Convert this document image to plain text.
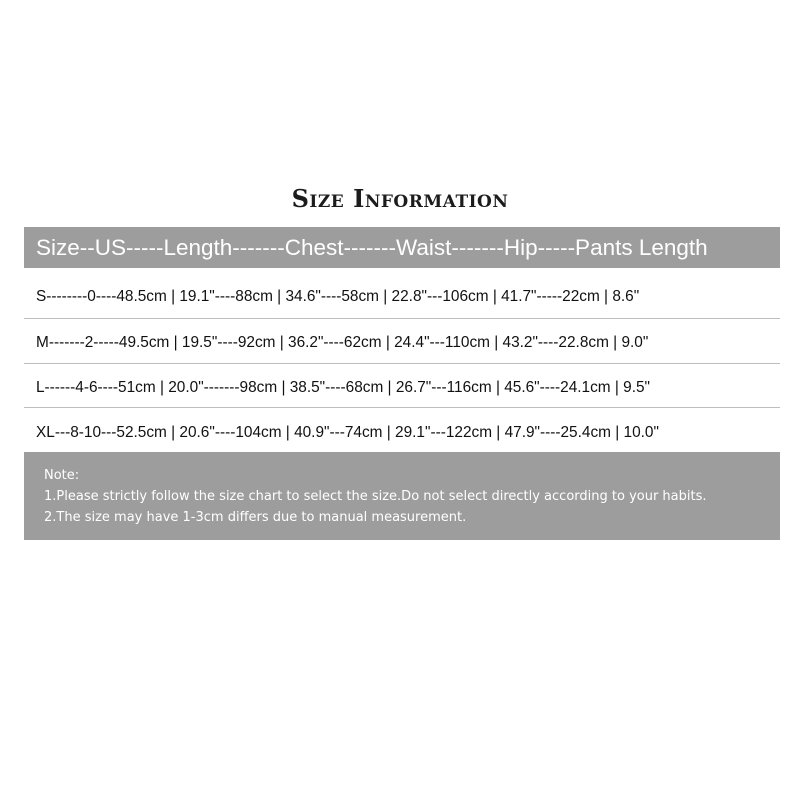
Size Information
Size--US-----Length-------Chest-------Waist-------Hip-----Pants Length
S--------0----48.5cm | 19.1"----88cm | 34.6"----58cm | 22.8"---106cm | 41.7"-----22cm | 8.6"
M-------2-----49.5cm | 19.5"----92cm | 36.2"----62cm | 24.4"---110cm | 43.2"----22.8cm | 9.0"
L------4-6----51cm | 20.0"-------98cm | 38.5"----68cm | 26.7"---116cm | 45.6"----24.1cm | 9.5"
XL---8-10---52.5cm | 20.6"----104cm | 40.9"---74cm | 29.1"---122cm | 47.9"----25.4cm | 10.0"
Note:
1.Please strictly follow the size chart to select the size.Do not select directly according to your habits.
2.The size may have 1-3cm differs due to manual measurement.
